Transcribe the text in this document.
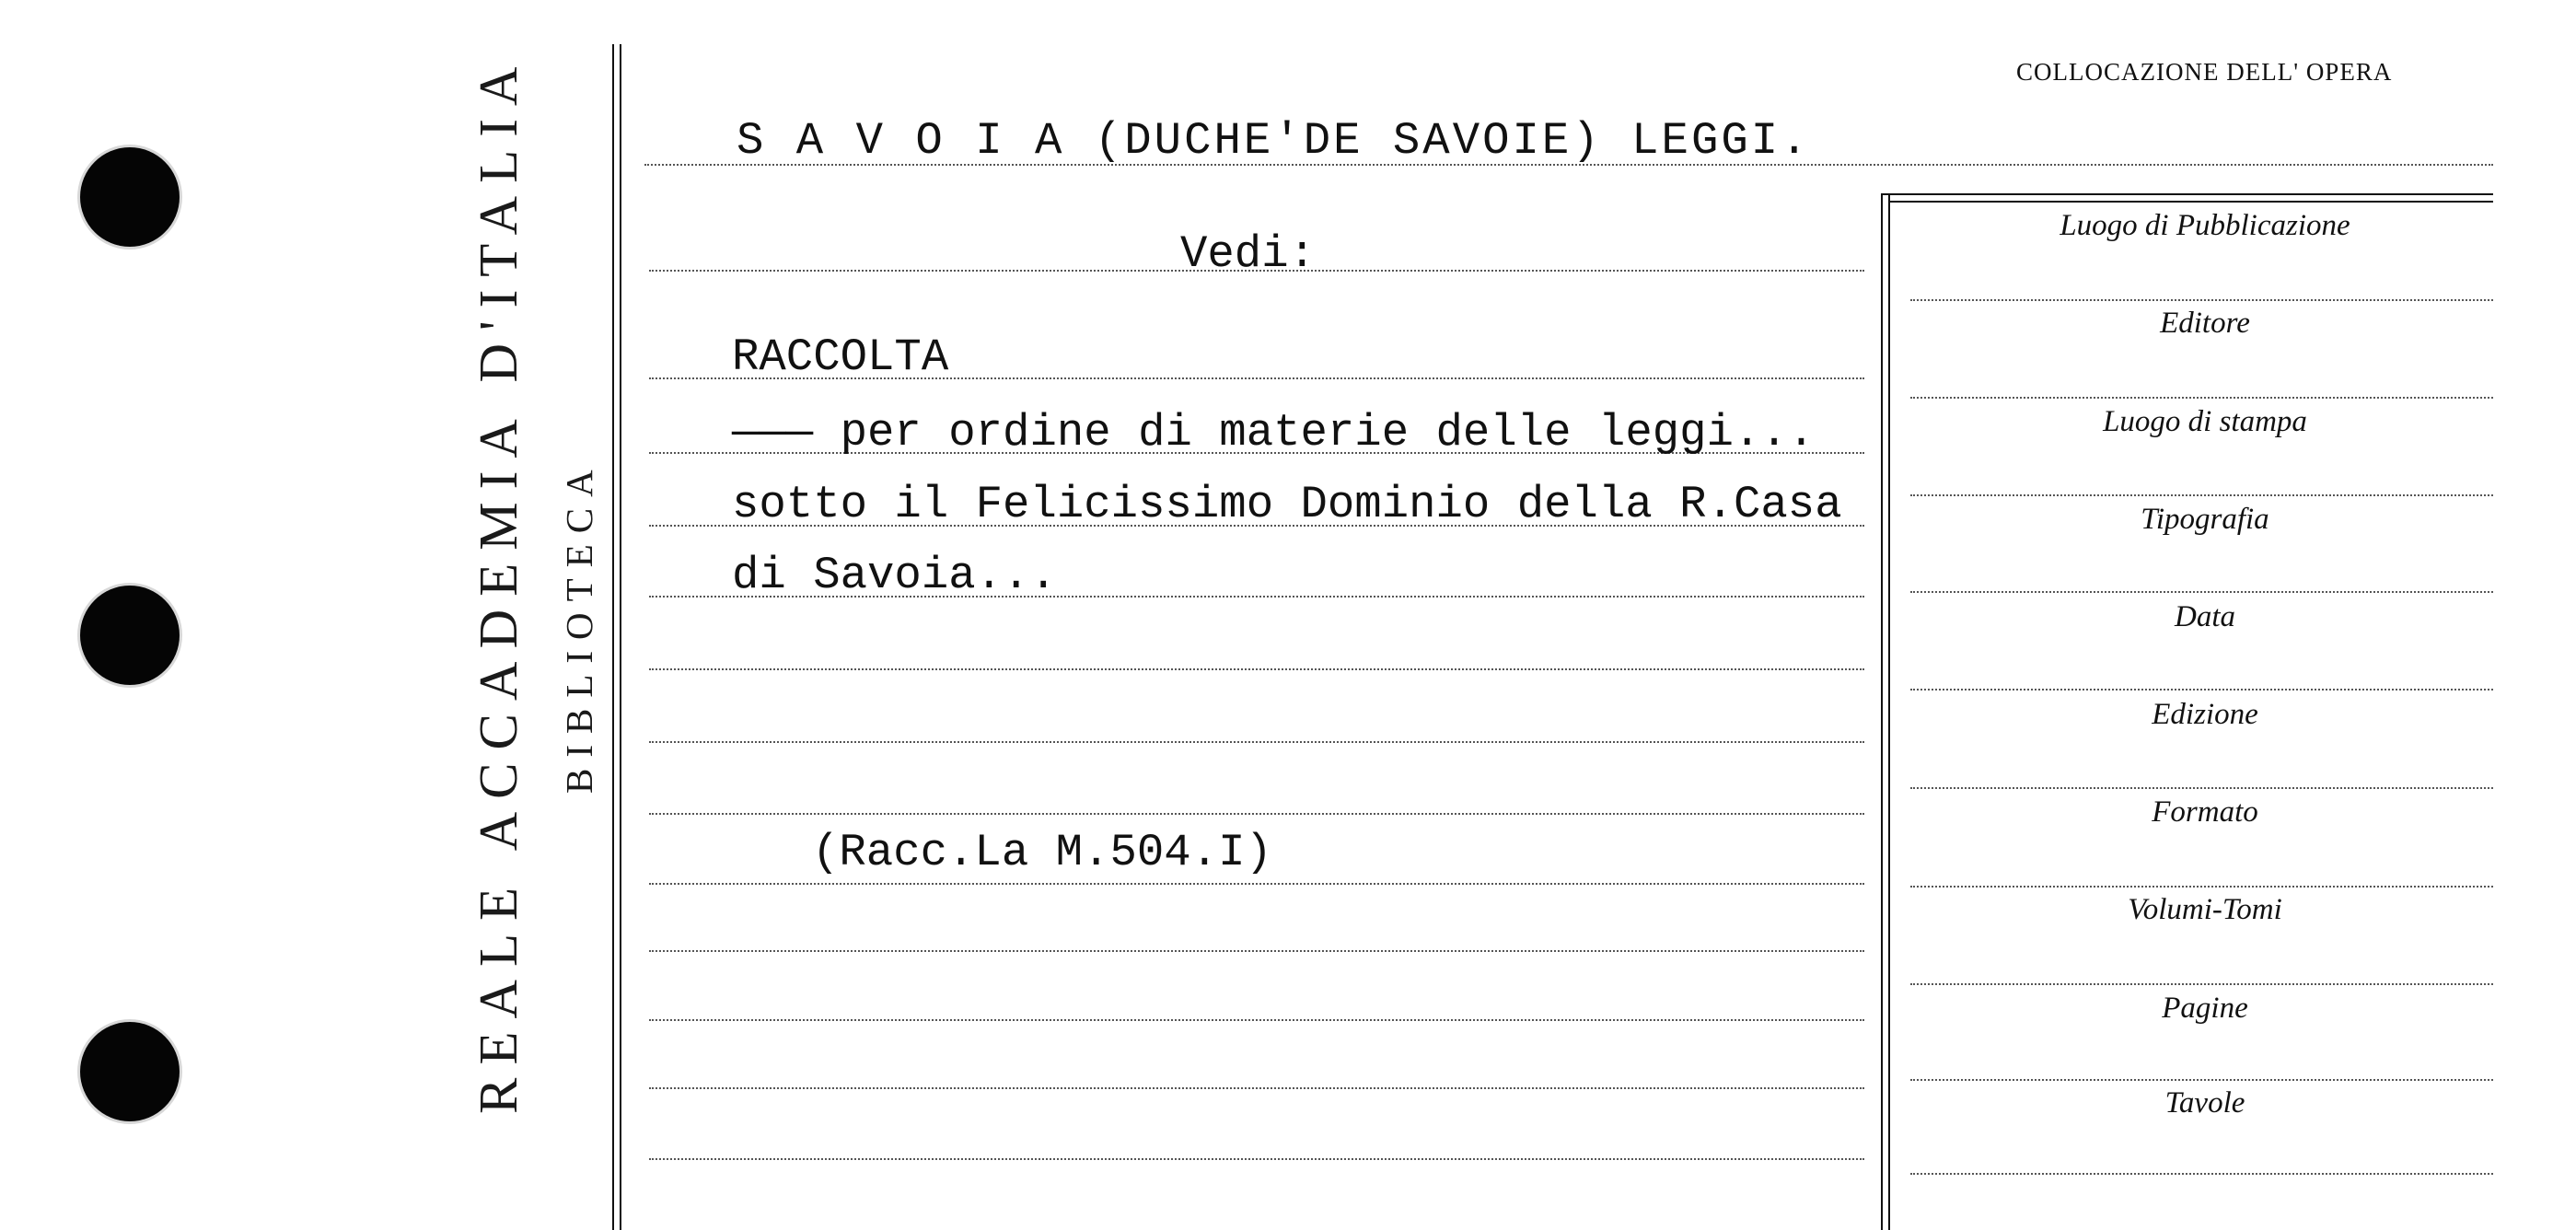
REALE ACCADEMIA D'ITALIA BIBLIOTECA
COLLOCAZIONE DELL' OPERA
S A V O I A (DUCHE'DE SAVOIE) LEGGI.
Vedi:
RACCOLTA
——— per ordine di materie delle leggi...
sotto il Felicissimo Dominio della R.Casa
di Savoia...
(Racc.La M.504.I)
Luogo di Pubblicazione
Editore
Luogo di stampa
Tipografia
Data
Edizione
Formato
Volumi-Tomi
Pagine
Tavole
